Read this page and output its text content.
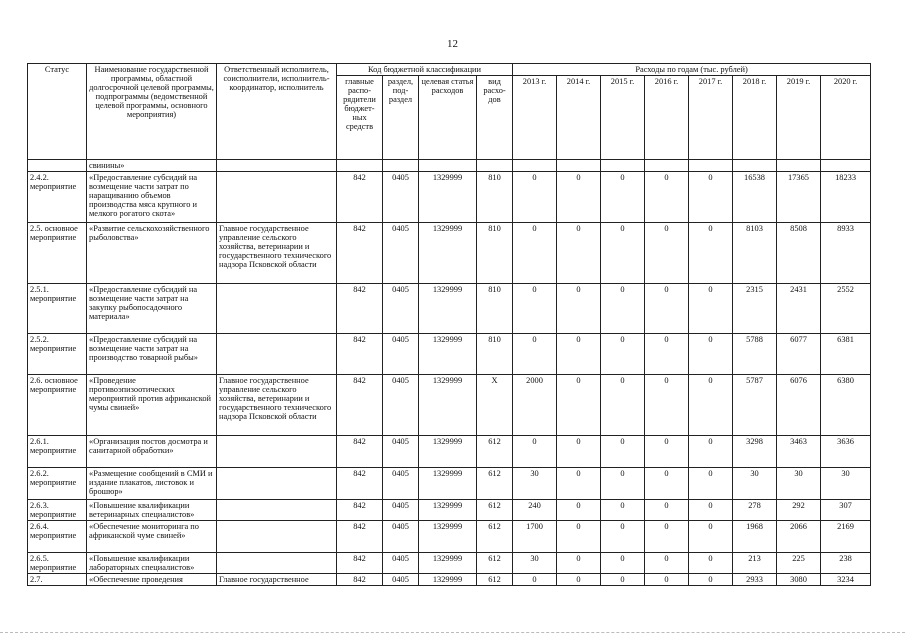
12
Статус	Наименование государственной программы, областной долгосрочной целевой программы, подпрограммы (ведомственной целевой программы, основного мероприятия)	Ответственный исполнитель, соисполнители, исполнитель-координатор, исполнитель	Код бюджетной классификации				Расходы по годам (тыс. рублей)							
			главные распо-рядители бюджет-ных средств	раздел, под-раздел	целевая статья расходов	вид расхо-дов	2013 г.	2014 г.	2015 г.	2016 г.	2017 г.	2018 г.	2019 г.	2020 г.
	свинины»													
2.4.2. мероприятие	«Предоставление субсидий на возмещение части затрат по наращиванию объемов производства мяса крупного и мелкого рогатого скота»		842	0405	1329999	810	0	0	0	0	0	16538	17365	18233
2.5. основное мероприятие	«Развитие сельскохозяйственного рыболовства»	Главное государственное управление сельского хозяйства, ветеринарии и государственного технического надзора Псковской области	842	0405	1329999	810	0	0	0	0	0	8103	8508	8933
2.5.1. мероприятие	«Предоставление субсидий на возмещение части затрат на закупку рыбопосадочного материала»		842	0405	1329999	810	0	0	0	0	0	2315	2431	2552
2.5.2. мероприятие	«Предоставление субсидий на возмещение части затрат на производство товарной рыбы»		842	0405	1329999	810	0	0	0	0	0	5788	6077	6381
2.6. основное мероприятие	«Проведение противоэпизоотических мероприятий против африканской чумы свиней»	Главное государственное управление сельского хозяйства, ветеринарии и государственного технического надзора Псковской области	842	0405	1329999	X	2000	0	0	0	0	5787	6076	6380
2.6.1. мероприятие	«Организация постов досмотра и санитарной обработки»		842	0405	1329999	612	0	0	0	0	0	3298	3463	3636
2.6.2. мероприятие	«Размещение сообщений в СМИ и издание плакатов, листовок и брошюр»		842	0405	1329999	612	30	0	0	0	0	30	30	30
2.6.3. мероприятие	«Повышение квалификации ветеринарных специалистов»		842	0405	1329999	612	240	0	0	0	0	278	292	307
2.6.4. мероприятие	«Обеспечение мониторинга по африканской чуме свиней»		842	0405	1329999	612	1700	0	0	0	0	1968	2066	2169
2.6.5. мероприятие	«Повышение квалификации лабораторных специалистов»		842	0405	1329999	612	30	0	0	0	0	213	225	238
2.7.	«Обеспечение проведения	Главное государственное	842	0405	1329999	612	0	0	0	0	0	2933	3080	3234
